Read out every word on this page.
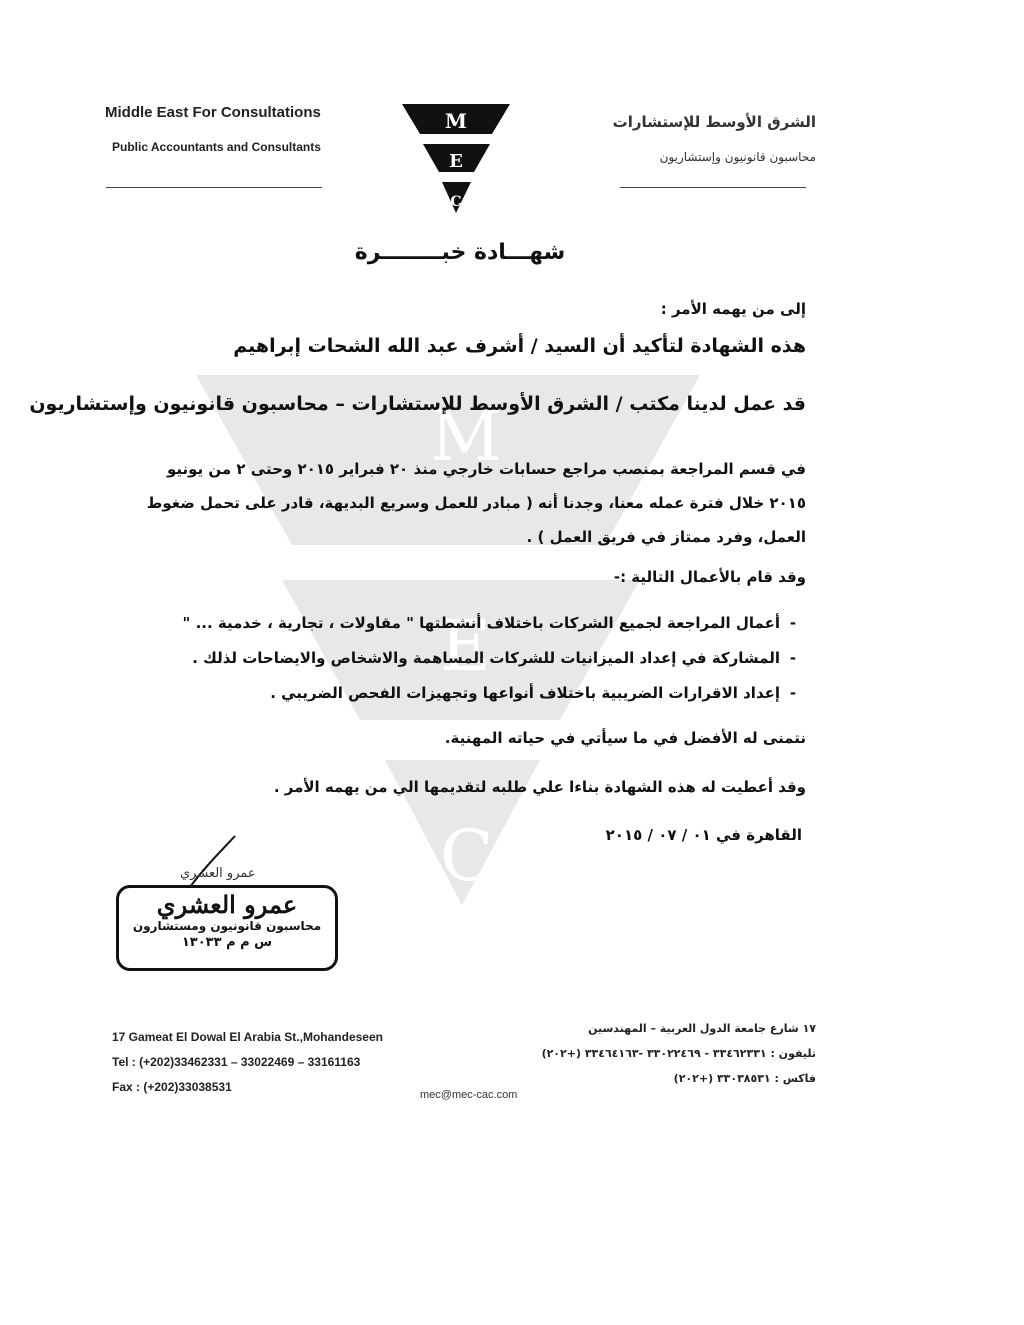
M
E
C
Middle East For Consultations
Public Accountants and Consultants
الشرق الأوسط للإستشارات
محاسبون قانونيون وإستشاريون
M
E
C
شهـــادة خبــــــــرة
إلى من يهمه الأمر :
هذه الشهادة لتأكيد أن السيد / أشرف عبد الله الشحات إبراهيم
قد عمل لدينا مكتب / الشرق الأوسط للإستشارات – محاسبون قانونيون وإستشاريون
في قسم المراجعة بمنصب مراجع حسابات خارجي منذ ٢٠ فبراير ٢٠١٥ وحتى ٢ من يونيو ٢٠١٥ خلال فترة عمله معنا، وجدنا أنه ( مبادر للعمل وسريع البديهة، قادر على تحمل ضغوط العمل، وفرد ممتاز في فريق العمل ) .
وقد قام بالأعمال التالية :-
-أعمال المراجعة لجميع الشركات باختلاف أنشطتها " مقاولات ، تجارية ، خدمية ... "
-المشاركة في إعداد الميزانيات للشركات المساهمة والاشخاص والايضاحات لذلك .
-إعداد الاقرارات الضريبية باختلاف أنواعها وتجهيزات الفحص الضريبي .
نتمنى له الأفضل في ما سيأتي في حياته المهنية.
وقد أعطيت له هذه الشهادة بناءا علي طلبه لتقديمها الي من يهمه الأمر .
القاهرة في ٠١ / ٠٧ / ٢٠١٥
عمرو العشري
عمرو العشري
محاسبون قانونيون ومستشارون
س م م ١٣٠٣٣
17 Gameat El Dowal El Arabia St.,Mohandeseen
Tel : (+202)33462331 – 33022469 – 33161163
Fax : (+202)33038531
١٧ شارع جامعة الدول العربية – المهندسين
تليفون : ٣٣٤٦٢٣٣١ - ٣٣٠٢٢٤٦٩ -٣٣٤٦٤١٦٣ (+٢٠٢)
فاكس : ٣٣٠٣٨٥٣١ (+٢٠٢)
mec@mec-cac.com
